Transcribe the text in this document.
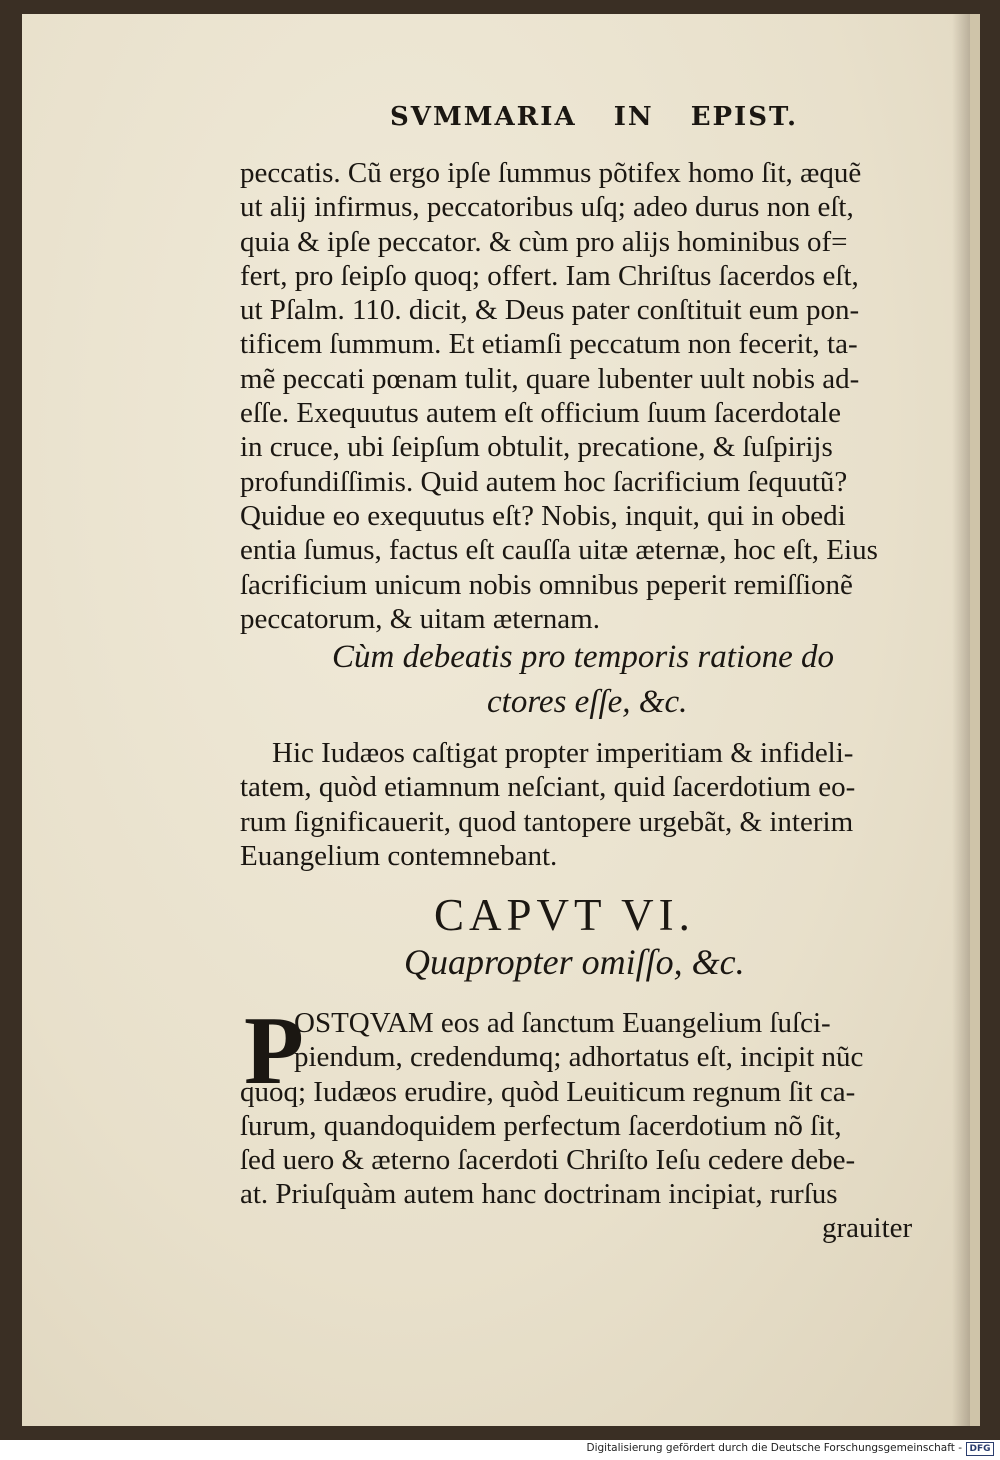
SVMMARIA IN EPIST.
peccatis. Cũ ergo ipſe ſummus põtifex homo ſit, æquẽ
ut alij infirmus, peccatoribus uſq; adeo durus non eſt,
quia & ipſe peccator. & cùm pro alijs hominibus of=
fert, pro ſeipſo quoq; offert. Iam Chriſtus ſacerdos eſt,
ut Pſalm. 110. dicit, & Deus pater conſtituit eum pon-
tificem ſummum. Et etiamſi peccatum non fecerit, ta-
mẽ peccati pœnam tulit, quare lubenter uult nobis ad-
eſſe. Exequutus autem eſt officium ſuum ſacerdotale
in cruce, ubi ſeipſum obtulit, precatione, & ſuſpirijs
profundiſſimis. Quid autem hoc ſacrificium ſequutũ?
Quidue eo exequutus eſt? Nobis, inquit, qui in obedi
entia ſumus, factus eſt cauſſa uitæ æternæ, hoc eſt, Eius
ſacrificium unicum nobis omnibus peperit remiſſionẽ
peccatorum, & uitam æternam.
Cùm debeatis pro temporis ratione do
ctores eſſe, &c.
Hic Iudæos caſtigat propter imperitiam & infideli-
tatem, quòd etiamnum neſciant, quid ſacerdotium eo-
rum ſignificauerit, quod tantopere urgebãt, & interim
Euangelium contemnebant.
CAPVT VI.
Quapropter omiſſo, &c.
P
OSTQVAM eos ad ſanctum Euangelium ſuſci-
piendum, credendumq; adhortatus eſt, incipit nũc
quoq; Iudæos erudire, quòd Leuiticum regnum ſit ca-
ſurum, quandoquidem perfectum ſacerdotium nõ ſit,
ſed uero & æterno ſacerdoti Chriſto Ieſu cedere debe-
at. Priuſquàm autem hanc doctrinam incipiat, rurſus
grauiter
Digitalisierung gefördert durch die Deutsche Forschungsgemeinschaft - DFG
